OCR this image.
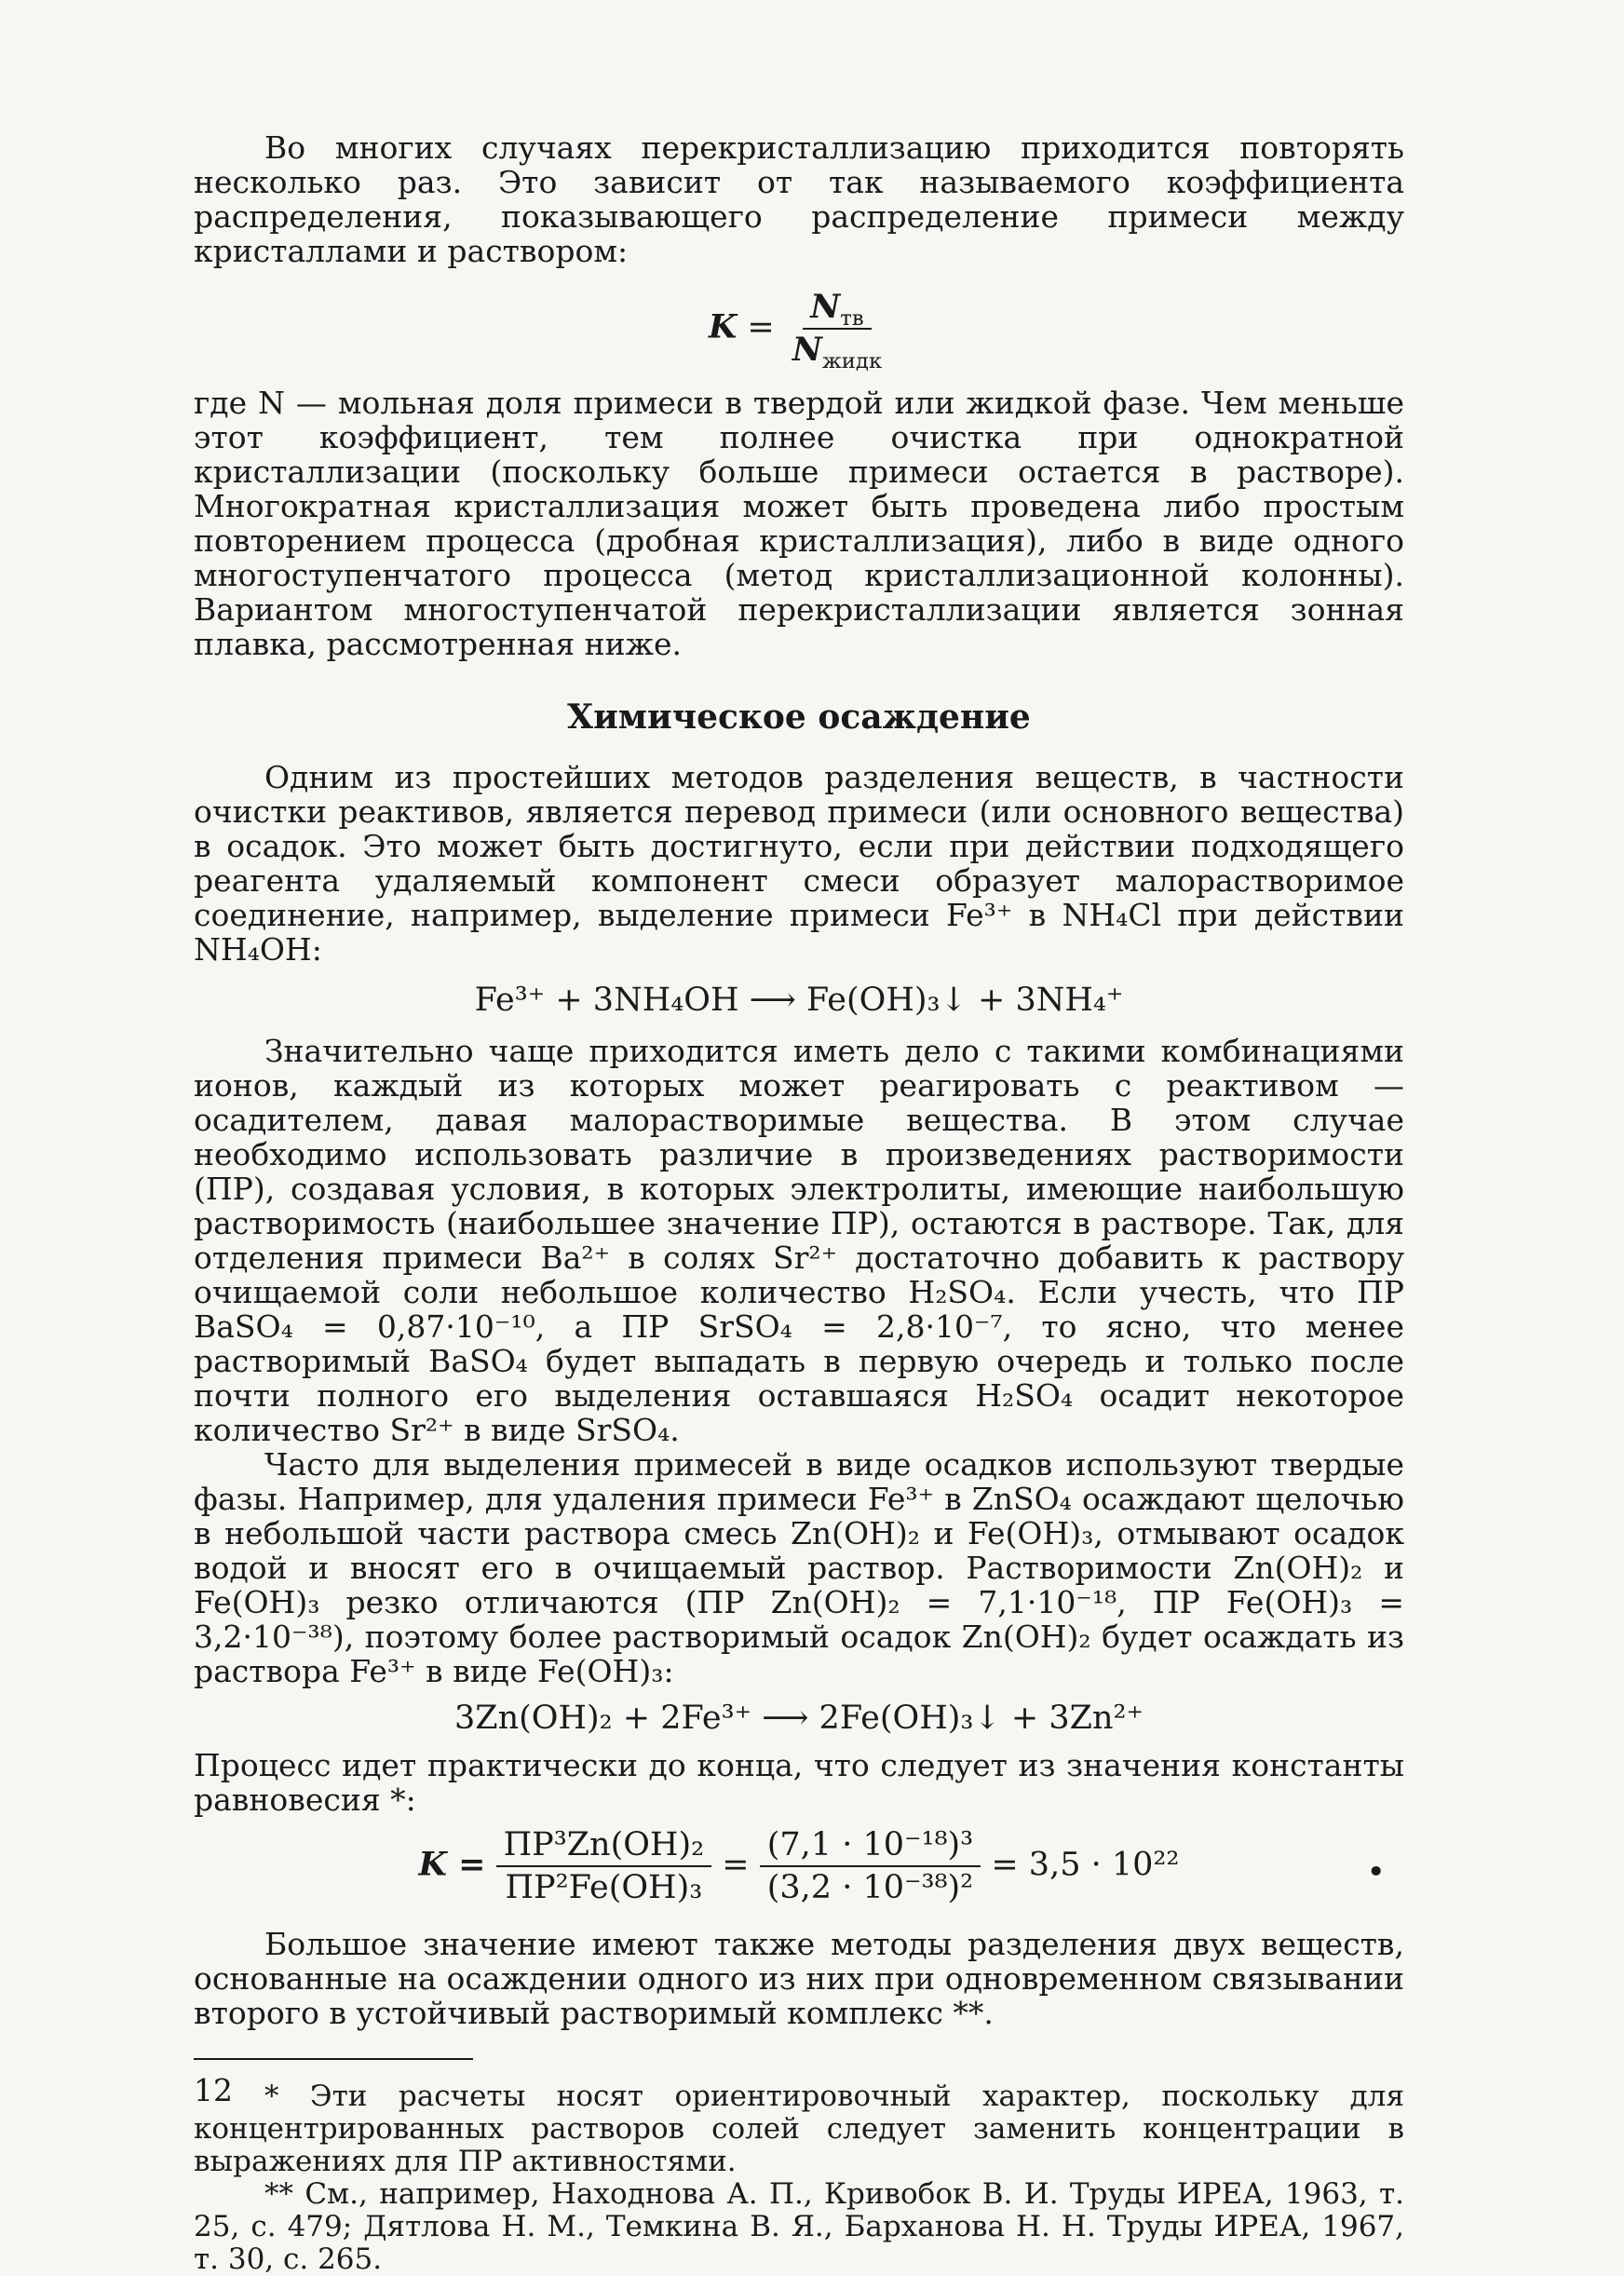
Во многих случаях перекристаллизацию приходится повторять несколько раз. Это зависит от так называемого коэффициента распределения, показывающего распределение примеси между кристаллами и раствором:

$K = \frac{N_{тв}}{N_{жидк}}$

где N — мольная доля примеси в твердой или жидкой фазе. Чем меньше этот коэффициент, тем полнее очистка при однократной кристаллизации (поскольку больше примеси остается в растворе). Многократная кристаллизация может быть проведена либо простым повторением процесса (дробная кристаллизация), либо в виде одного многоступенчатого процесса (метод кристаллизационной колонны). Вариантом многоступенчатой перекристаллизации является зонная плавка, рассмотренная ниже.

Химическое осаждение

Одним из простейших методов разделения веществ, в частности очистки реактивов, является перевод примеси (или основного вещества) в осадок. Это может быть достигнуто, если при действии подходящего реагента удаляемый компонент смеси образует малорастворимое соединение, например, выделение примеси Fe³⁺ в NH₄Cl при действии NH₄OH:

Fe³⁺ + 3NH₄OH ⟶ Fe(OH)₃↓ + 3NH₄⁺

Значительно чаще приходится иметь дело с такими комбинациями ионов, каждый из которых может реагировать с реактивом — осадителем, давая малорастворимые вещества. В этом случае необходимо использовать различие в произведениях растворимости (ПР), создавая условия, в которых электролиты, имеющие наибольшую растворимость (наибольшее значение ПР), остаются в растворе. Так, для отделения примеси Ba²⁺ в солях Sr²⁺ достаточно добавить к раствору очищаемой соли небольшое количество H₂SO₄. Если учесть, что ПР BaSO₄ = 0,87·10⁻¹⁰, а ПР SrSO₄ = 2,8·10⁻⁷, то ясно, что менее растворимый BaSO₄ будет выпадать в первую очередь и только после почти полного его выделения оставшаяся H₂SO₄ осадит некоторое количество Sr²⁺ в виде SrSO₄.

Часто для выделения примесей в виде осадков используют твердые фазы. Например, для удаления примеси Fe³⁺ в ZnSO₄ осаждают щелочью в небольшой части раствора смесь Zn(OH)₂ и Fe(OH)₃, отмывают осадок водой и вносят его в очищаемый раствор. Растворимости Zn(OH)₂ и Fe(OH)₃ резко отличаются (ПР Zn(OH)₂ = 7,1·10⁻¹⁸, ПР Fe(OH)₃ = 3,2·10⁻³⁸), поэтому более растворимый осадок Zn(OH)₂ будет осаждать из раствора Fe³⁺ в виде Fe(OH)₃:

3Zn(OH)₂ + 2Fe³⁺ ⟶ 2Fe(OH)₃↓ + 3Zn²⁺

Процесс идет практически до конца, что следует из значения константы равновесия *:

$K = \frac{\text{ПР³Zn(OH)₂}}{\text{ПР²Fe(OH)₃}} = \frac{\text{(7,1 · 10⁻¹⁸)³}}{\text{(3,2 · 10⁻³⁸)²}} = 3,5 \cdot 10^{22}$	•

Большое значение имеют также методы разделения двух веществ, основанные на осаждении одного из них при одновременном связывании второго в устойчивый растворимый комплекс **.

* Эти расчеты носят ориентировочный характер, поскольку для концентрированных растворов солей следует заменить концентрации в выражениях для ПР активностями.

** См., например, Находнова А. П., Кривобок В. И. Труды ИРЕА, 1963, т. 25, с. 479; Дятлова Н. М., Темкина В. Я., Барханова Н. Н. Труды ИРЕА, 1967, т. 30, с. 265.

12
